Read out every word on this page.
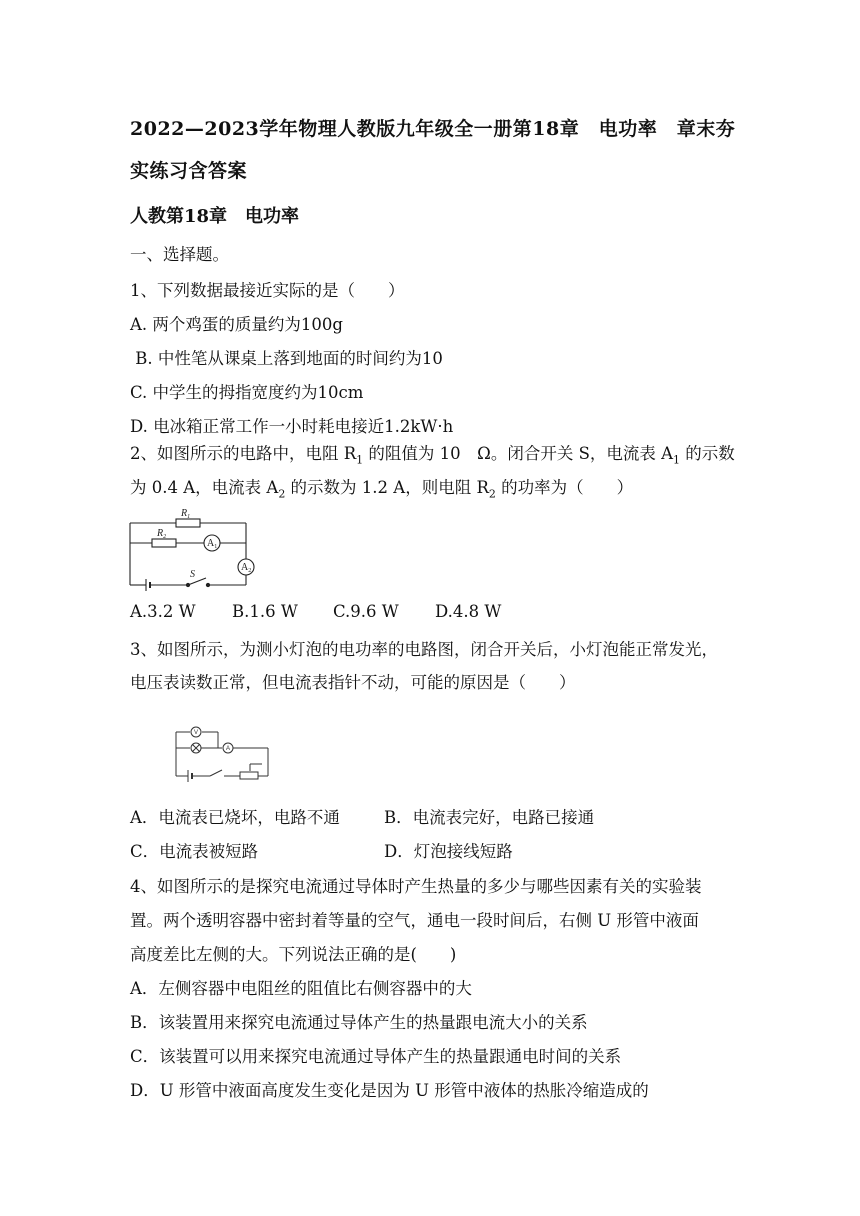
2022—2023学年物理人教版九年级全一册第18章　电功率　章末夯
实练习含答案
人教第18章　电功率
一、选择题。
1、下列数据最接近实际的是（　　）
A. 两个鸡蛋的质量约为100g
B. 中性笔从课桌上落到地面的时间约为10
C. 中学生的拇指宽度约为10cm
D. 电冰箱正常工作一小时耗电接近1.2kW·h
2、如图所示的电路中，电阻 $R_1$ 的阻值为 10　Ω。闭合开关 S，电流表 $A_1$ 的示数
为 0.4 A，电流表 $A_2$ 的示数为 1.2 A，则电阻 $R_2$ 的功率为（　　）
$R_1$
$R_2$
$A_1$
$A_2$
S
A.3.2 W B.1.6 W C.9.6 W D.4.8 W
3、如图所示，为测小灯泡的电功率的电路图，闭合开关后，小灯泡能正常发光，
电压表读数正常，但电流表指针不动，可能的原因是（　　）
V
A
A．电流表已烧坏，电路不通	B．电流表完好，电路已接通
C．电流表被短路	D．灯泡接线短路
4、如图所示的是探究电流通过导体时产生热量的多少与哪些因素有关的实验装
置。两个透明容器中密封着等量的空气，通电一段时间后，右侧 U 形管中液面
高度差比左侧的大。下列说法正确的是(　　)
A．左侧容器中电阻丝的阻值比右侧容器中的大
B．该装置用来探究电流通过导体产生的热量跟电流大小的关系
C．该装置可以用来探究电流通过导体产生的热量跟通电时间的关系
D．U 形管中液面高度发生变化是因为 U 形管中液体的热胀冷缩造成的
